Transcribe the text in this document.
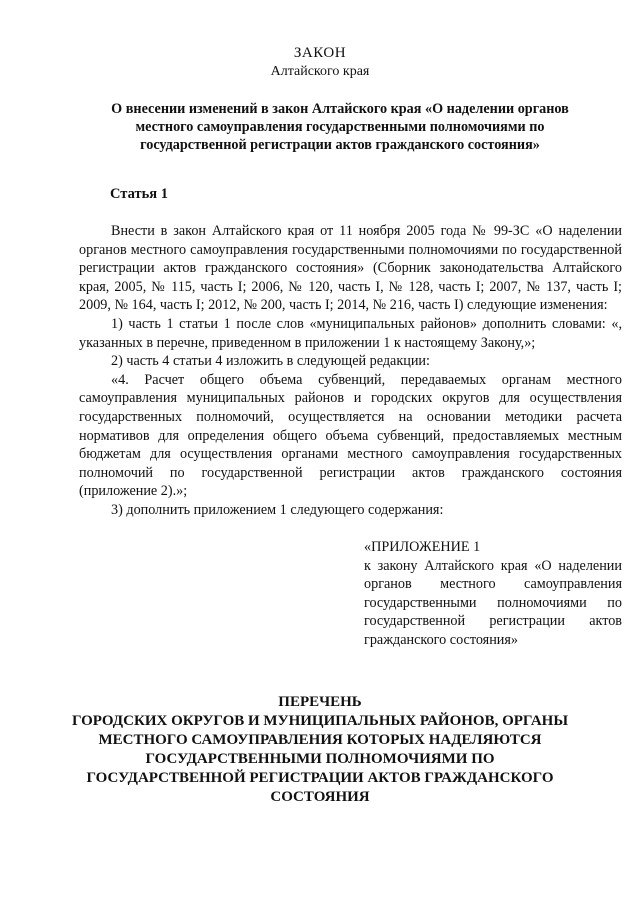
ЗАКОН
Алтайского края
О внесении изменений в закон Алтайского края «О наделении органов местного самоуправления государственными полномочиями по государственной регистрации актов гражданского состояния»
Статья 1

Внести в закон Алтайского края от 11 ноября 2005 года № 99-ЗС «О наделении органов местного самоуправления государственными полномочиями по государственной регистрации актов гражданского состояния» (Сборник законодательства Алтайского края, 2005, № 115, часть I; 2006, № 120, часть I, № 128, часть I; 2007, № 137, часть I; 2009, № 164, часть I; 2012, № 200, часть I; 2014, № 216, часть I) следующие изменения:

1) часть 1 статьи 1 после слов «муниципальных районов» дополнить словами: «, указанных в перечне, приведенном в приложении 1 к настоящему Закону,»;

2) часть 4 статьи 4 изложить в следующей редакции:

«4. Расчет общего объема субвенций, передаваемых органам местного самоуправления муниципальных районов и городских округов для осуществления государственных полномочий, осуществляется на основании методики расчета нормативов для определения общего объема субвенций, предоставляемых местным бюджетам для осуществления органами местного самоуправления государственных полномочий по государственной регистрации актов гражданского состояния (приложение 2).»;

3) дополнить приложением 1 следующего содержания:

«ПРИЛОЖЕНИЕ 1

к закону Алтайского края «О наделении органов местного самоуправления государственными полномочиями по государственной регистрации актов гражданского состояния»

ПЕРЕЧЕНЬ
ГОРОДСКИХ ОКРУГОВ И МУНИЦИПАЛЬНЫХ РАЙОНОВ, ОРГАНЫ МЕСТНОГО САМОУПРАВЛЕНИЯ КОТОРЫХ НАДЕЛЯЮТСЯ ГОСУДАРСТВЕННЫМИ ПОЛНОМОЧИЯМИ ПО ГОСУДАРСТВЕННОЙ РЕГИСТРАЦИИ АКТОВ ГРАЖДАНСКОГО СОСТОЯНИЯ
